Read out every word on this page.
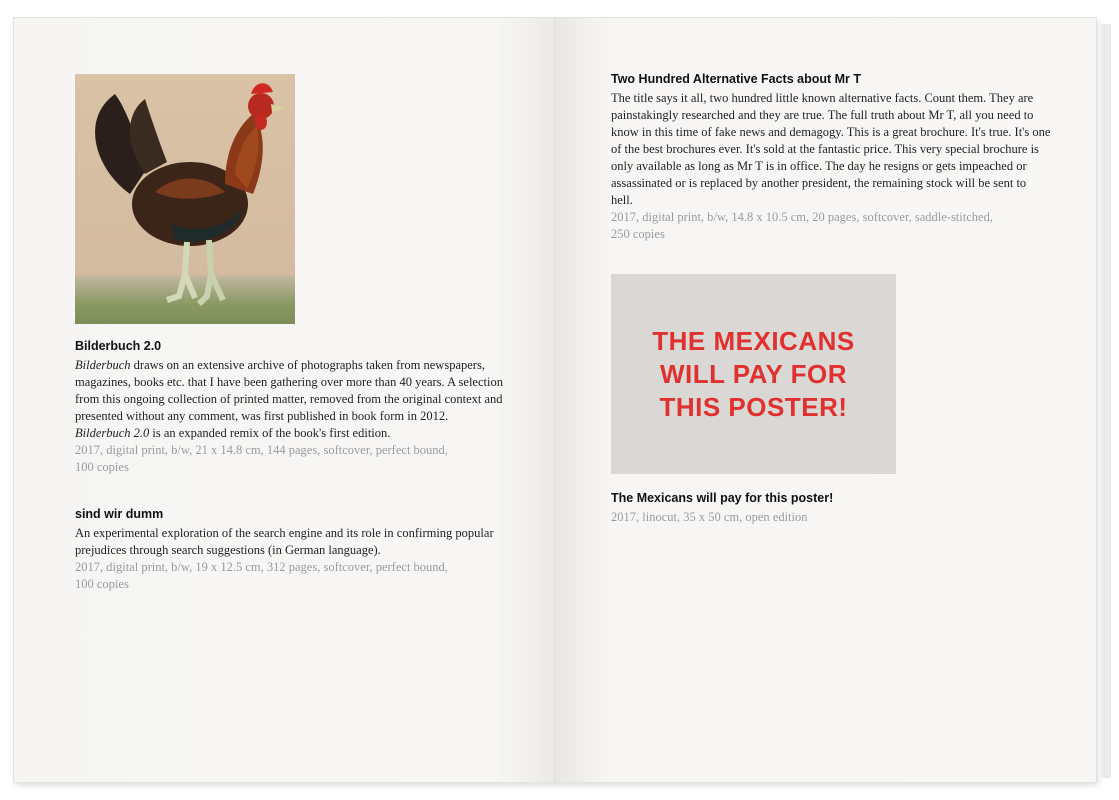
Bilderbuch 2.0

Bilderbuch draws on an extensive archive of photographs taken from newspapers, magazines, books etc. that I have been gathering over more than 40 years. A selection from this ongoing collection of printed matter, removed from the original context and presented without any comment, was first published in book form in 2012. Bilderbuch 2.0 is an expanded remix of the book's first edition.

2017, digital print, b/w, 21 x 14.8 cm, 144 pages, softcover, perfect bound,

100 copies

sind wir dumm

An experimental exploration of the search engine and its role in confirming popular prejudices through search suggestions (in German language).

2017, digital print, b/w, 19 x 12.5 cm, 312 pages, softcover, perfect bound,

100 copies

Two Hundred Alternative Facts about Mr T

The title says it all, two hundred little known alternative facts. Count them. They are painstakingly researched and they are true. The full truth about Mr T, all you need to know in this time of fake news and demagogy. This is a great brochure. It's true. It's one of the best brochures ever. It's sold at the fantastic price. This very special brochure is only available as long as Mr T is in office. The day he resigns or gets impeached or assassinated or is replaced by another president, the remaining stock will be sent to hell.

2017, digital print, b/w, 14.8 x 10.5 cm, 20 pages, softcover, saddle-stitched,

250 copies

The Mexicans will pay for this poster!

2017, linocut, 35 x 50 cm, open edition

THE MEXICANS
WILL PAY FOR
THIS POSTER!
